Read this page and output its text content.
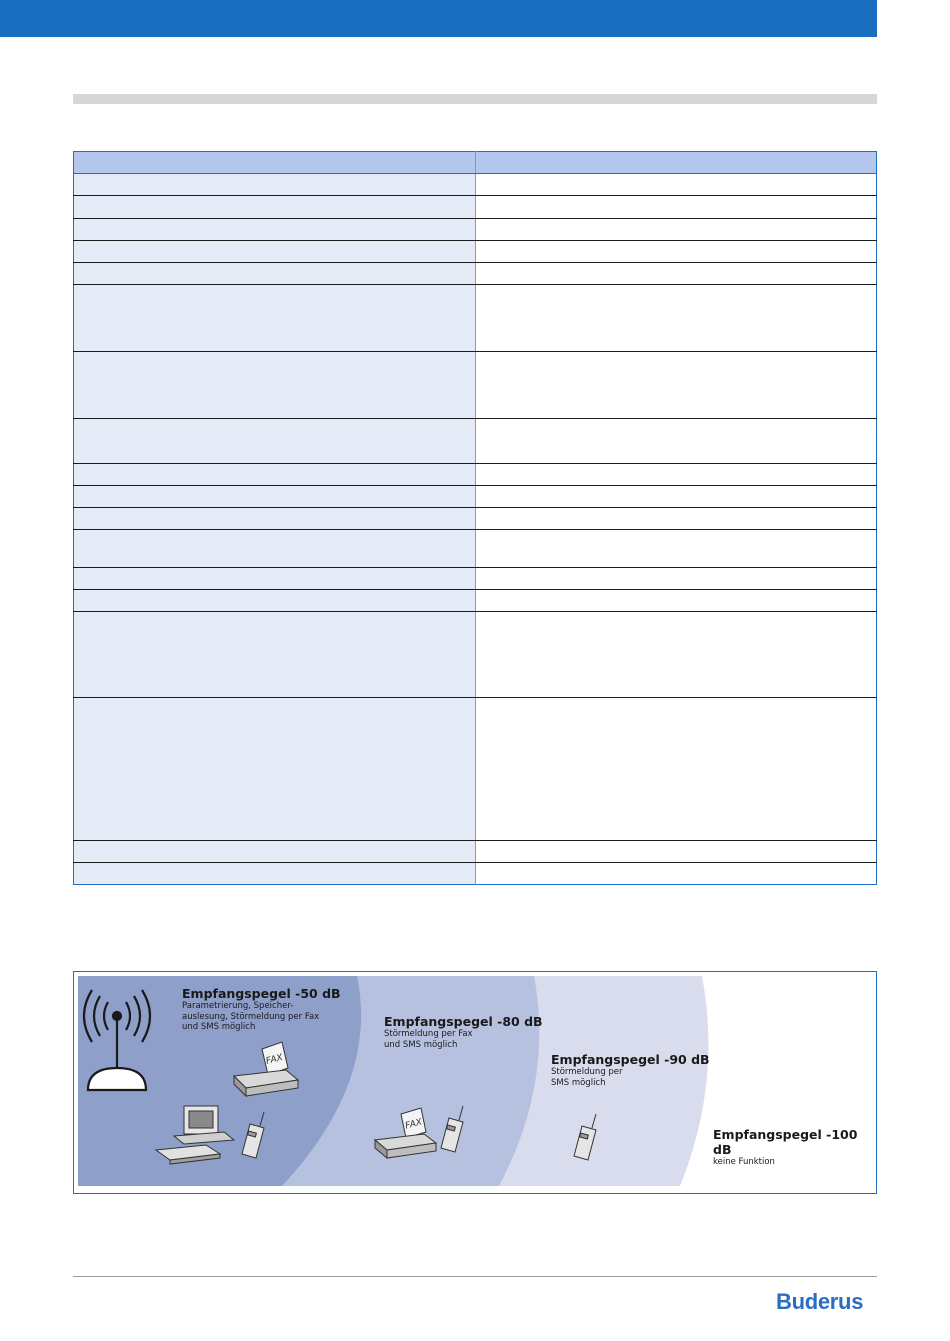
FAX
FAX
Empfangspegel -50 dB
Parametrierung, Speicher-auslesung, Störmeldung per Fax und SMS möglich	Empfangspegel -80 dB
Störmeldung per Fax und SMS möglich
Empfangspegel -90 dB
Störmeldung per SMS möglich
Empfangspegel -100 dB
keine Funktion
Buderus
